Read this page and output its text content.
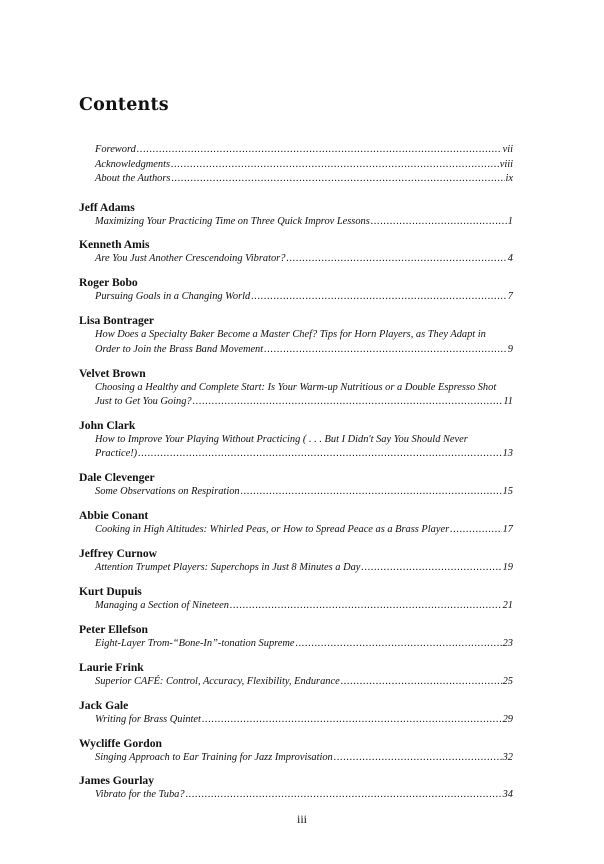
Contents
Foreword .....	vii
Acknowledgments .....	viii
About the Authors .....	ix
Jeff Adams
Maximizing Your Practicing Time on Three Quick Improv Lessons .....	1
Kenneth Amis
Are You Just Another Crescendoing Vibrator? .....	4
Roger Bobo
Pursuing Goals in a Changing World .....	7
Lisa Bontrager
How Does a Specialty Baker Become a Master Chef? Tips for Horn Players, as They Adapt in
Order to Join the Brass Band Movement .....	9
Velvet Brown
Choosing a Healthy and Complete Start: Is Your Warm-up Nutritious or a Double Espresso Shot
Just to Get You Going? .....	11
John Clark
How to Improve Your Playing Without Practicing ( . . . But I Didn't Say You Should Never
Practice!) .....	13
Dale Clevenger
Some Observations on Respiration .....	15
Abbie Conant
Cooking in High Altitudes: Whirled Peas, or How to Spread Peace as a Brass Player .....	17
Jeffrey Curnow
Attention Trumpet Players: Superchops in Just 8 Minutes a Day .....	19
Kurt Dupuis
Managing a Section of Nineteen .....	21
Peter Ellefson
Eight-Layer Trom-“Bone-In”-tonation Supreme .....	23
Laurie Frink
Superior CAFÉ: Control, Accuracy, Flexibility, Endurance .....	25
Jack Gale
Writing for Brass Quintet .....	29
Wycliffe Gordon
Singing Approach to Ear Training for Jazz Improvisation .....	32
James Gourlay
Vibrato for the Tuba? .....	34
iii
